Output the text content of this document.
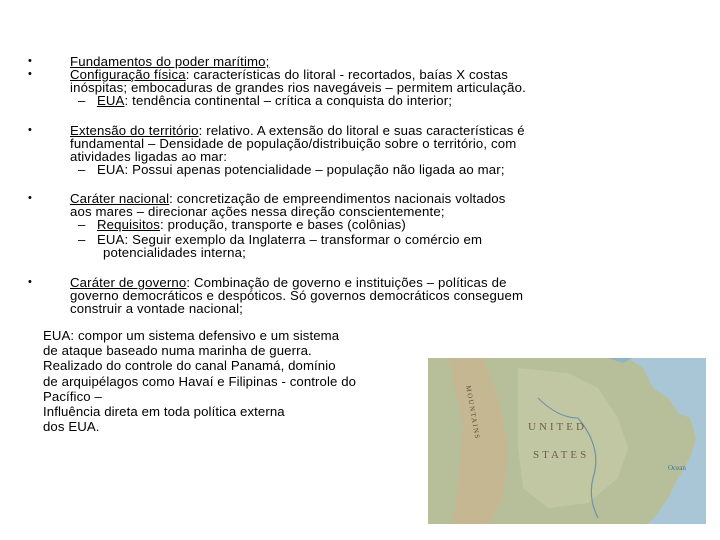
•	Fundamentos do poder marítimo;
•	Configuração física: características do litoral - recortados, baías X costas
inóspitas; embocaduras de grandes rios navegáveis – permitem articulação.
– EUA: tendência continental – crítica a conquista do interior;
•	Extensão do território: relativo. A extensão do litoral e suas características é
fundamental – Densidade de população/distribuição sobre o território, com
atividades ligadas ao mar:
– EUA: Possui apenas potencialidade – população não ligada ao mar;
•	Caráter nacional: concretização de empreendimentos nacionais voltados
aos mares – direcionar ações nessa direção conscientemente;
– Requisitos: produção, transporte e bases (colônias)
– EUA: Seguir exemplo da Inglaterra – transformar o comércio em
potencialidades interna;
•	Caráter de governo: Combinação de governo e instituições – políticas de
governo democráticos e despóticos. Só governos democráticos conseguem
construir a vontade nacional;
EUA: compor um sistema defensivo e um sistema
de ataque baseado numa marinha de guerra.
Realizado do controle do canal Panamá, domínio
de arquipélagos como Havaí e Filipinas - controle do
Pacífico –
Influência direta em toda política externa
dos EUA.	UNITED
STATES
MOUNTAINS
Ocean
